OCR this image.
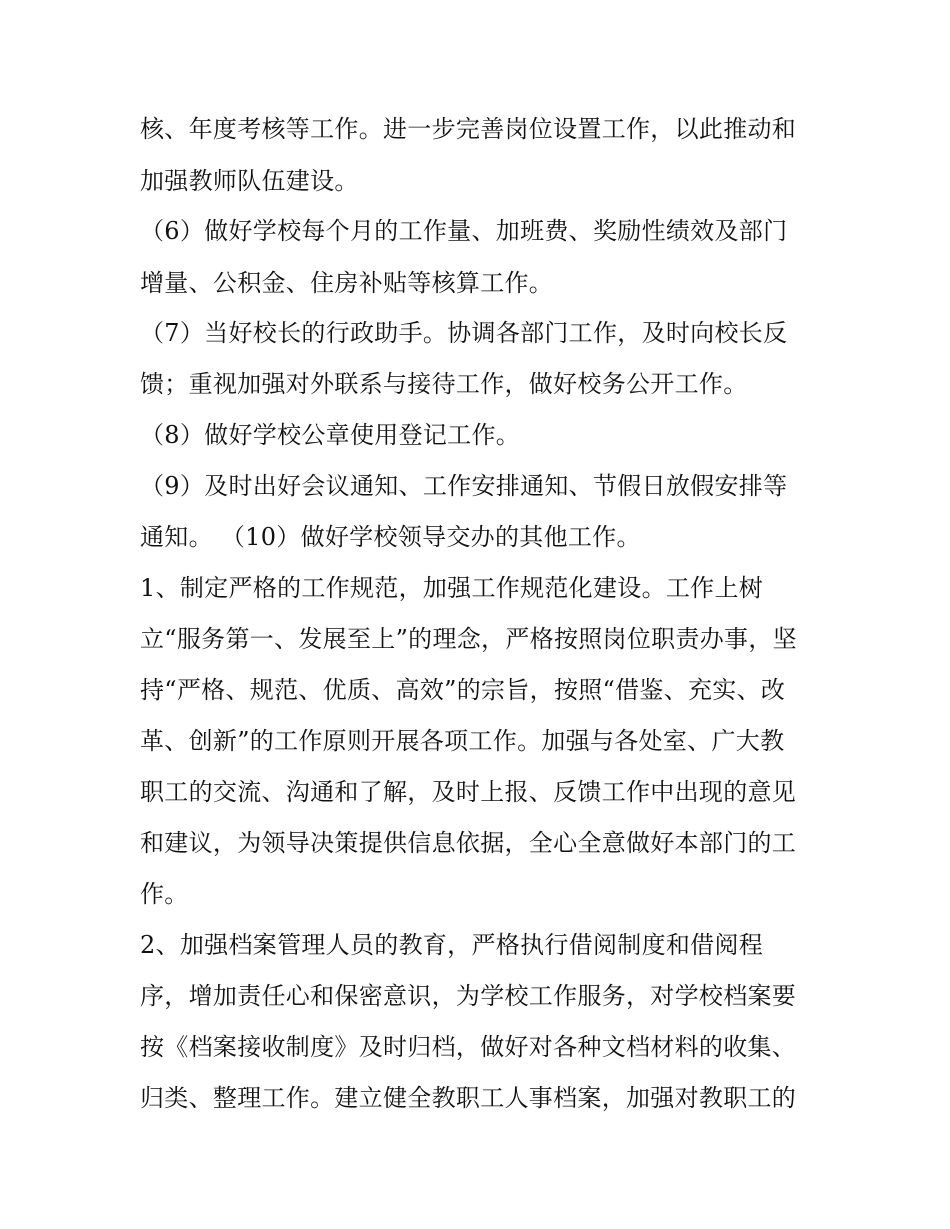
核、年度考核等工作。进一步完善岗位设置工作，以此推动和
加强教师队伍建设。
（6）做好学校每个月的工作量、加班费、奖励性绩效及部门
增量、公积金、住房补贴等核算工作。
（7）当好校长的行政助手。协调各部门工作，及时向校长反
馈；重视加强对外联系与接待工作，做好校务公开工作。
（8）做好学校公章使用登记工作。
（9）及时出好会议通知、工作安排通知、节假日放假安排等
通知。 （10）做好学校领导交办的其他工作。
1、制定严格的工作规范，加强工作规范化建设。工作上树
立“服务第一、发展至上”的理念，严格按照岗位职责办事，坚
持“严格、规范、优质、高效”的宗旨，按照“借鉴、充实、改
革、创新”的工作原则开展各项工作。加强与各处室、广大教
职工的交流、沟通和了解，及时上报、反馈工作中出现的意见
和建议，为领导决策提供信息依据，全心全意做好本部门的工
作。
2、加强档案管理人员的教育，严格执行借阅制度和借阅程
序，增加责任心和保密意识，为学校工作服务，对学校档案要
按《档案接收制度》及时归档，做好对各种文档材料的收集、
归类、整理工作。建立健全教职工人事档案，加强对教职工的
